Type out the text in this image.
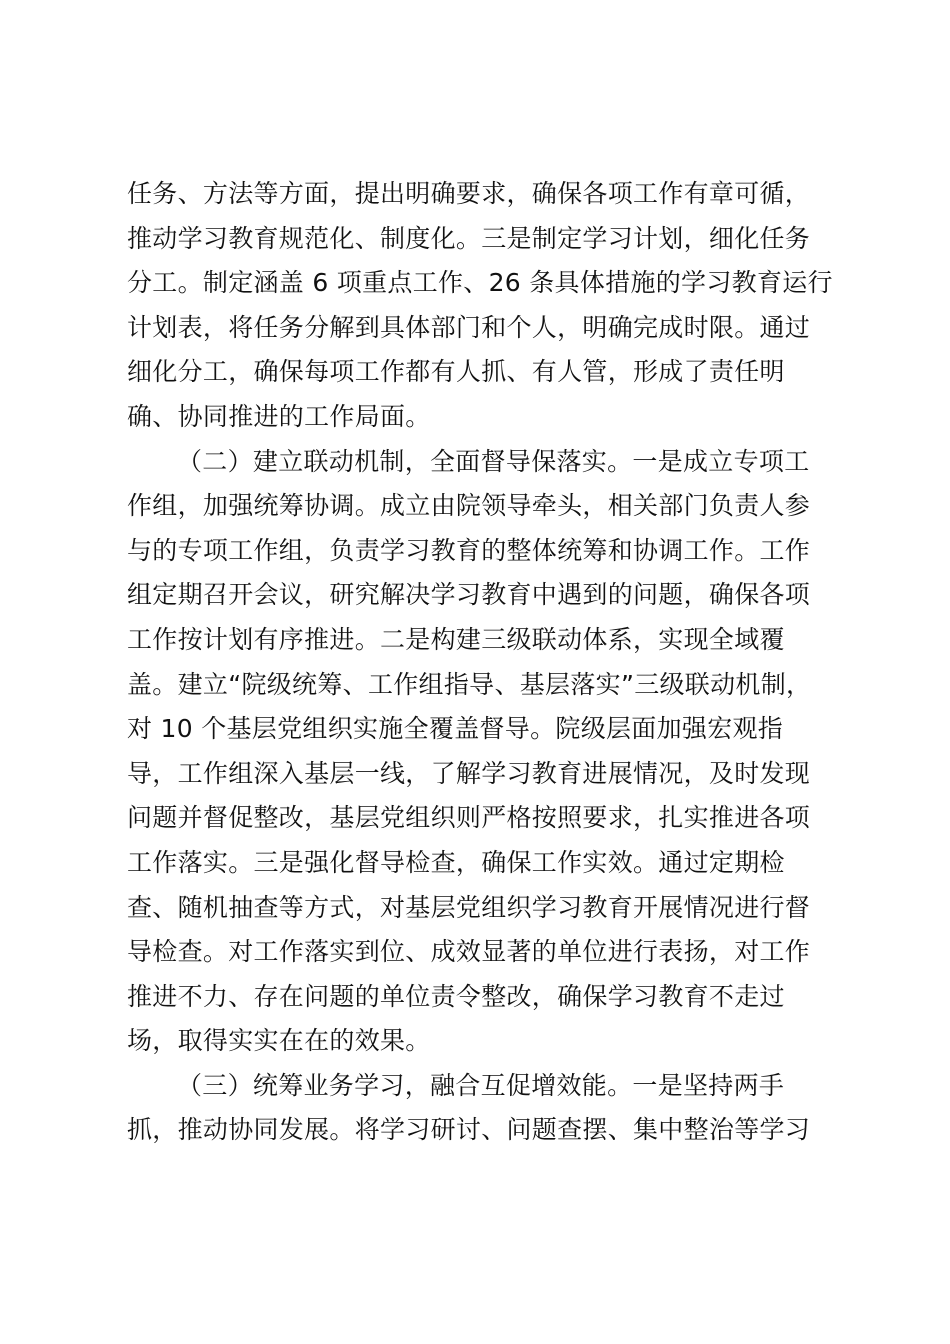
任务、方法等方面，提出明确要求，确保各项工作有章可循，
推动学习教育规范化、制度化。三是制定学习计划，细化任务
分工。制定涵盖 6 项重点工作、26 条具体措施的学习教育运行
计划表，将任务分解到具体部门和个人，明确完成时限。通过
细化分工，确保每项工作都有人抓、有人管，形成了责任明
确、协同推进的工作局面。
（二）建立联动机制，全面督导保落实。一是成立专项工
作组，加强统筹协调。成立由院领导牵头，相关部门负责人参
与的专项工作组，负责学习教育的整体统筹和协调工作。工作
组定期召开会议，研究解决学习教育中遇到的问题，确保各项
工作按计划有序推进。二是构建三级联动体系，实现全域覆
盖。建立“院级统筹、工作组指导、基层落实”三级联动机制，
对 10 个基层党组织实施全覆盖督导。院级层面加强宏观指
导，工作组深入基层一线，了解学习教育进展情况，及时发现
问题并督促整改，基层党组织则严格按照要求，扎实推进各项
工作落实。三是强化督导检查，确保工作实效。通过定期检
查、随机抽查等方式，对基层党组织学习教育开展情况进行督
导检查。对工作落实到位、成效显著的单位进行表扬，对工作
推进不力、存在问题的单位责令整改，确保学习教育不走过
场，取得实实在在的效果。
（三）统筹业务学习，融合互促增效能。一是坚持两手
抓，推动协同发展。将学习研讨、问题查摆、集中整治等学习
